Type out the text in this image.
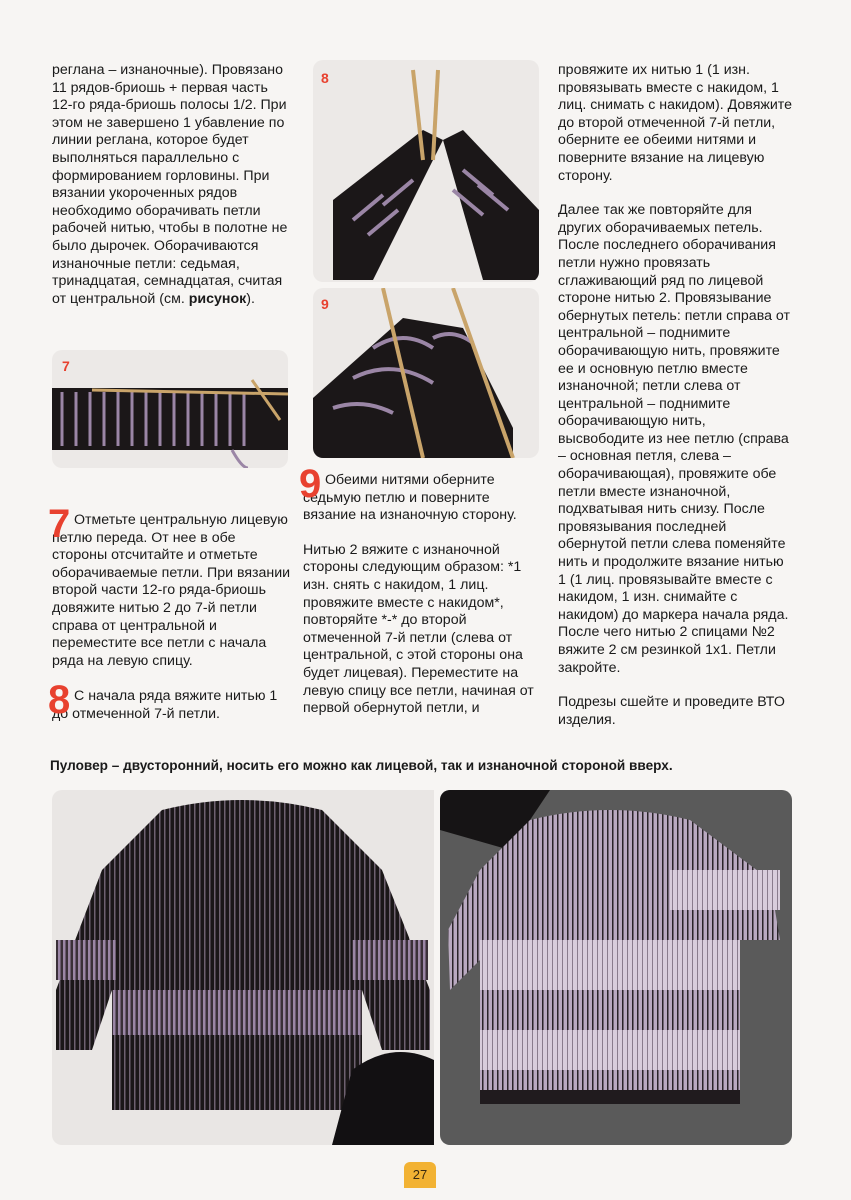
реглана – изнаночные). Провязано 11 рядов-бриошь + первая часть 12-го ряда-бриошь полосы 1/2. При этом не завершено 1 убавление по линии реглана, которое будет выполняться параллельно с формированием горловины. При вязании укороченных рядов необходимо оборачивать петли рабочей нитью, чтобы в полотне не было дырочек. Оборачиваются изнаночные петли: седьмая, тринадцатая, семнадцатая, считая от центральной (см. рисунок).

7 Отметьте центральную лицевую петлю переда. От нее в обе стороны отсчитайте и отметьте оборачиваемые петли. При вязании второй части 12-го ряда-бриошь довяжите нитью 2 до 7-й петли справа от центральной и переместите все петли с начала ряда на левую спицу.

8 С начала ряда вяжите нитью 1 до отмеченной 7-й петли.

9 Обеими нитями оберните седьмую петлю и поверните вязание на изнаночную сторону.

Нитью 2 вяжите с изнаночной стороны следующим образом: *1 изн. снять с накидом, 1 лиц. провяжите вместе с накидом*, повторяйте *-* до второй отмеченной 7-й петли (слева от центральной, с этой стороны она будет лицевая). Переместите на левую спицу все петли, начиная от первой обернутой петли, и

провяжите их нитью 1 (1 изн. провязывать вместе с накидом, 1 лиц. снимать с накидом). Довяжите до второй отмеченной 7-й петли, оберните ее обеими нитями и поверните вязание на лицевую сторону.

Далее так же повторяйте для других оборачиваемых петель. После последнего оборачивания петли нужно провязать сглаживающий ряд по лицевой стороне нитью 2. Провязывание обернутых петель: петли справа от центральной – поднимите оборачивающую нить, провяжите ее и основную петлю вместе изнаночной; петли слева от центральной – поднимите оборачивающую нить, высвободите из нее петлю (справа – основная петля, слева – оборачивающая), провяжите обе петли вместе изнаночной, подхватывая нить снизу. После провязывания последней обернутой петли слева поменяйте нить и продолжите вязание нитью 1 (1 лиц. провязывайте вместе с накидом, 1 изн. снимайте с накидом) до маркера начала ряда. После чего нитью 2 спицами №2 вяжите 2 см резинкой 1х1. Петли закройте.

Подрезы сшейте и проведите ВТО изделия.

7
8
9
Пуловер – двусторонний, носить его можно как лицевой, так и изнаночной стороной вверх.
27
